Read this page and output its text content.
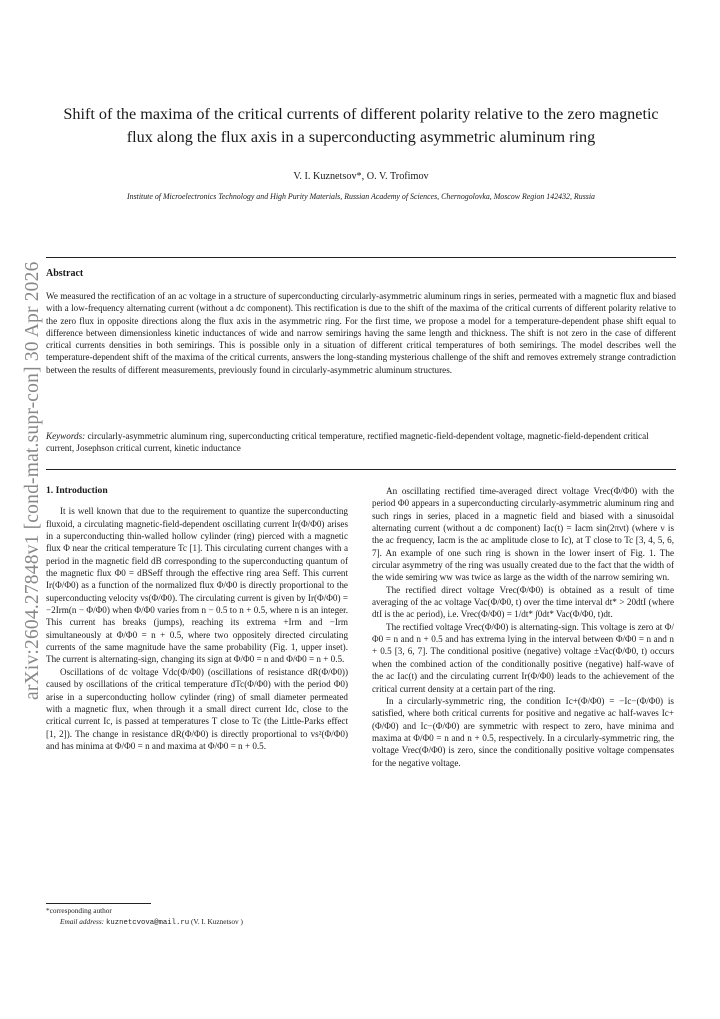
arXiv:2604.27848v1 [cond-mat.supr-con] 30 Apr 2026
Shift of the maxima of the critical currents of different polarity relative to the zero magnetic flux along the flux axis in a superconducting asymmetric aluminum ring
V. I. Kuznetsov*, O. V. Trofimov
Institute of Microelectronics Technology and High Purity Materials, Russian Academy of Sciences, Chernogolovka, Moscow Region 142432, Russia
Abstract
We measured the rectification of an ac voltage in a structure of superconducting circularly-asymmetric aluminum rings in series, permeated with a magnetic flux and biased with a low-frequency alternating current (without a dc component). This rectification is due to the shift of the maxima of the critical currents of different polarity relative to the zero flux in opposite directions along the flux axis in the asymmetric ring. For the first time, we propose a model for a temperature-dependent phase shift equal to difference between dimensionless kinetic inductances of wide and narrow semirings having the same length and thickness. The shift is not zero in the case of different critical currents densities in both semirings. This is possible only in a situation of different critical temperatures of both semirings. The model describes well the temperature-dependent shift of the maxima of the critical currents, answers the long-standing mysterious challenge of the shift and removes extremely strange contradiction between the results of different measurements, previously found in circularly-asymmetric aluminum structures.
Keywords: circularly-asymmetric aluminum ring, superconducting critical temperature, rectified magnetic-field-dependent voltage, magnetic-field-dependent critical current, Josephson critical current, kinetic inductance

1. Introduction

It is well known that due to the requirement to quantize the superconducting fluxoid, a circulating magnetic-field-dependent oscillating current Ir(Φ/Φ0) arises in a superconducting thin-walled hollow cylinder (ring) pierced with a magnetic flux Φ near the critical temperature Tc [1]. This circulating current changes with a period in the magnetic field dB corresponding to the superconducting quantum of the magnetic flux Φ0 = dBSeff through the effective ring area Seff. This current Ir(Φ/Φ0) as a function of the normalized flux Φ/Φ0 is directly proportional to the superconducting velocity vs(Φ/Φ0). The circulating current is given by Ir(Φ/Φ0) = −2Irm(n − Φ/Φ0) when Φ/Φ0 varies from n − 0.5 to n + 0.5, where n is an integer. This current has breaks (jumps), reaching its extrema +Irm and −Irm simultaneously at Φ/Φ0 = n + 0.5, where two oppositely directed circulating currents of the same magnitude have the same probability (Fig. 1, upper inset). The current is alternating-sign, changing its sign at Φ/Φ0 = n and Φ/Φ0 = n + 0.5.

Oscillations of dc voltage Vdc(Φ/Φ0) (oscillations of resistance dR(Φ/Φ0)) caused by oscillations of the critical temperature dTc(Φ/Φ0) with the period Φ0) arise in a superconducting hollow cylinder (ring) of small diameter permeated with a magnetic flux, when through it a small direct current Idc, close to the critical current Ic, is passed at temperatures T close to Tc (the Little-Parks effect [1, 2]). The change in resistance dR(Φ/Φ0) is directly proportional to vs²(Φ/Φ0) and has minima at Φ/Φ0 = n and maxima at Φ/Φ0 = n + 0.5.

An oscillating rectified time-averaged direct voltage Vrec(Φ/Φ0) with the period Φ0 appears in a superconducting circularly-asymmetric aluminum ring and such rings in series, placed in a magnetic field and biased with a sinusoidal alternating current (without a dc component) Iac(t) = Iacm sin(2πνt) (where ν is the ac frequency, Iacm is the ac amplitude close to Ic), at T close to Tc [3, 4, 5, 6, 7]. An example of one such ring is shown in the lower insert of Fig. 1. The circular asymmetry of the ring was usually created due to the fact that the width of the wide semiring ww was twice as large as the width of the narrow semiring wn.

The rectified direct voltage Vrec(Φ/Φ0) is obtained as a result of time averaging of the ac voltage Vac(Φ/Φ0, t) over the time interval dt* > 20dtI (where dtI is the ac period), i.e. Vrec(Φ/Φ0) = 1/dt* ∫0dt* Vac(Φ/Φ0, t)dt.

The rectified voltage Vrec(Φ/Φ0) is alternating-sign. This voltage is zero at Φ/Φ0 = n and n + 0.5 and has extrema lying in the interval between Φ/Φ0 = n and n + 0.5 [3, 6, 7]. The conditional positive (negative) voltage ±Vac(Φ/Φ0, t) occurs when the combined action of the conditionally positive (negative) half-wave of the ac Iac(t) and the circulating current Ir(Φ/Φ0) leads to the achievement of the critical current density at a certain part of the ring.

In a circularly-symmetric ring, the condition Ic+(Φ/Φ0) = −Ic−(Φ/Φ0) is satisfied, where both critical currents for positive and negative ac half-waves Ic+(Φ/Φ0) and Ic−(Φ/Φ0) are symmetric with respect to zero, have minima and maxima at Φ/Φ0 = n and n + 0.5, respectively. In a circularly-symmetric ring, the voltage Vrec(Φ/Φ0) is zero, since the conditionally positive voltage compensates for the negative voltage.

*corresponding author
Email address: kuznetcvova@mail.ru (V. I. Kuznetsov )
